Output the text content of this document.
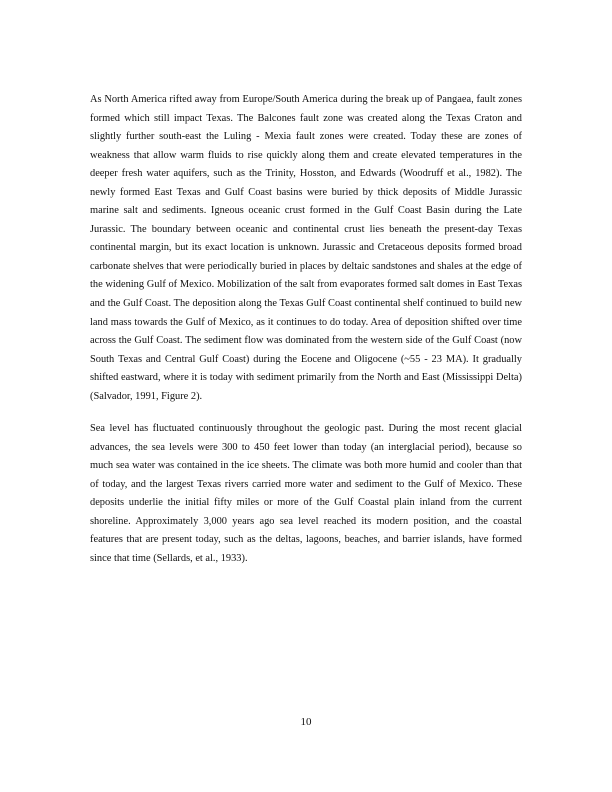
As North America rifted away from Europe/South America during the break up of Pangaea, fault zones formed which still impact Texas. The Balcones fault zone was created along the Texas Craton and slightly further south-east the Luling - Mexia fault zones were created. Today these are zones of weakness that allow warm fluids to rise quickly along them and create elevated temperatures in the deeper fresh water aquifers, such as the Trinity, Hosston, and Edwards (Woodruff et al., 1982). The newly formed East Texas and Gulf Coast basins were buried by thick deposits of Middle Jurassic marine salt and sediments. Igneous oceanic crust formed in the Gulf Coast Basin during the Late Jurassic. The boundary between oceanic and continental crust lies beneath the present-day Texas continental margin, but its exact location is unknown. Jurassic and Cretaceous deposits formed broad carbonate shelves that were periodically buried in places by deltaic sandstones and shales at the edge of the widening Gulf of Mexico. Mobilization of the salt from evaporates formed salt domes in East Texas and the Gulf Coast. The deposition along the Texas Gulf Coast continental shelf continued to build new land mass towards the Gulf of Mexico, as it continues to do today. Area of deposition shifted over time across the Gulf Coast. The sediment flow was dominated from the western side of the Gulf Coast (now South Texas and Central Gulf Coast) during the Eocene and Oligocene (~55 - 23 MA). It gradually shifted eastward, where it is today with sediment primarily from the North and East (Mississippi Delta) (Salvador, 1991, Figure 2).

Sea level has fluctuated continuously throughout the geologic past. During the most recent glacial advances, the sea levels were 300 to 450 feet lower than today (an interglacial period), because so much sea water was contained in the ice sheets. The climate was both more humid and cooler than that of today, and the largest Texas rivers carried more water and sediment to the Gulf of Mexico. These deposits underlie the initial fifty miles or more of the Gulf Coastal plain inland from the current shoreline. Approximately 3,000 years ago sea level reached its modern position, and the coastal features that are present today, such as the deltas, lagoons, beaches, and barrier islands, have formed since that time (Sellards, et al., 1933).

10
